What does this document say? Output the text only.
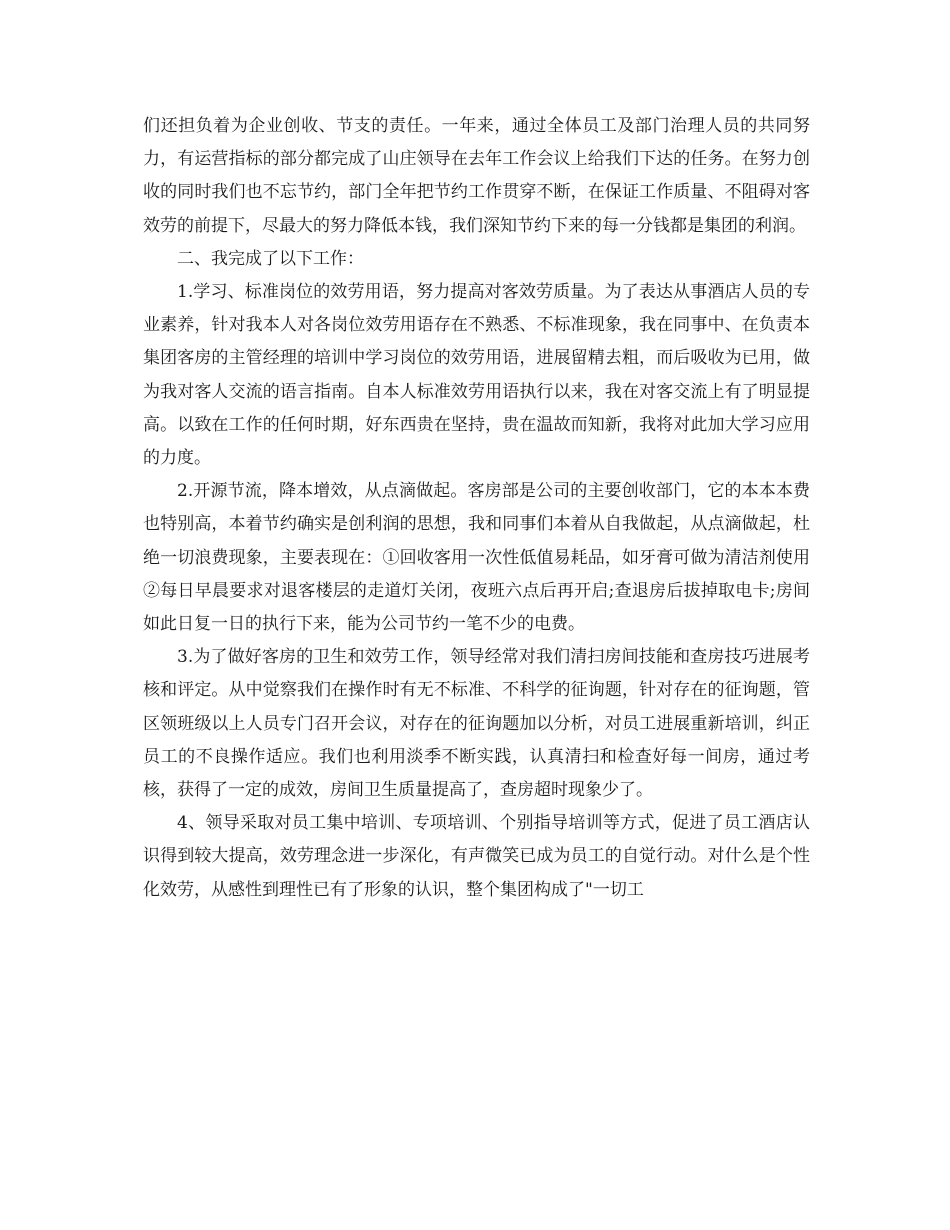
们还担负着为企业创收、节支的责任。一年来，通过全体员工及部门治理人员的共同努力，有运营指标的部分都完成了山庄领导在去年工作会议上给我们下达的任务。在努力创收的同时我们也不忘节约，部门全年把节约工作贯穿不断，在保证工作质量、不阻碍对客效劳的前提下，尽最大的努力降低本钱，我们深知节约下来的每一分钱都是集团的利润。

二、我完成了以下工作：

1.学习、标准岗位的效劳用语，努力提高对客效劳质量。为了表达从事酒店人员的专业素养，针对我本人对各岗位效劳用语存在不熟悉、不标准现象，我在同事中、在负责本集团客房的主管经理的培训中学习岗位的效劳用语，进展留精去粗，而后吸收为已用，做为我对客人交流的语言指南。自本人标准效劳用语执行以来，我在对客交流上有了明显提高。以致在工作的任何时期，好东西贵在坚持，贵在温故而知新，我将对此加大学习应用的力度。

2.开源节流，降本增效，从点滴做起。客房部是公司的主要创收部门，它的本本本费也特别高，本着节约确实是创利润的思想，我和同事们本着从自我做起，从点滴做起，杜绝一切浪费现象，主要表现在：①回收客用一次性低值易耗品，如牙膏可做为清洁剂使用②每日早晨要求对退客楼层的走道灯关闭，夜班六点后再开启;查退房后拔掉取电卡;房间如此日复一日的执行下来，能为公司节约一笔不少的电费。

3.为了做好客房的卫生和效劳工作，领导经常对我们清扫房间技能和查房技巧进展考核和评定。从中觉察我们在操作时有无不标准、不科学的征询题，针对存在的征询题，管区领班级以上人员专门召开会议，对存在的征询题加以分析，对员工进展重新培训，纠正员工的不良操作适应。我们也利用淡季不断实践，认真清扫和检查好每一间房，通过考核，获得了一定的成效，房间卫生质量提高了，查房超时现象少了。

4、领导采取对员工集中培训、专项培训、个别指导培训等方式，促进了员工酒店认识得到较大提高，效劳理念进一步深化，有声微笑已成为员工的自觉行动。对什么是个性化效劳，从感性到理性已有了形象的认识，整个集团构成了"一切工
